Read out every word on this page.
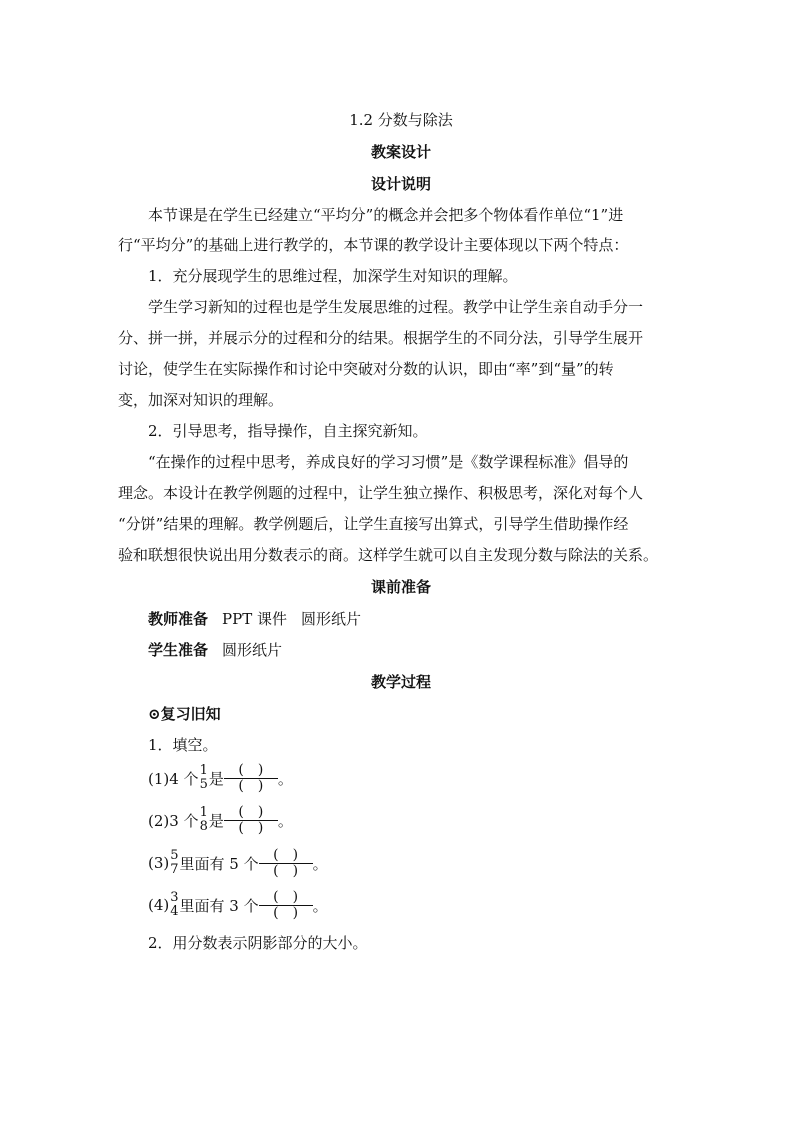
1.2 分数与除法
教案设计
设计说明
本节课是在学生已经建立“平均分”的概念并会把多个物体看作单位“1”进
行“平均分”的基础上进行教学的，本节课的教学设计主要体现以下两个特点：
1．充分展现学生的思维过程，加深学生对知识的理解。
学生学习新知的过程也是学生发展思维的过程。教学中让学生亲自动手分一
分、拼一拼，并展示分的过程和分的结果。根据学生的不同分法，引导学生展开
讨论，使学生在实际操作和讨论中突破对分数的认识，即由“率”到“量”的转
变，加深对知识的理解。
2．引导思考，指导操作，自主探究新知。
“在操作的过程中思考，养成良好的学习习惯”是《数学课程标准》倡导的
理念。本设计在教学例题的过程中，让学生独立操作、积极思考，深化对每个人
“分饼”结果的理解。教学例题后，让学生直接写出算式，引导学生借助操作经
验和联想很快说出用分数表示的商。这样学生就可以自主发现分数与除法的关系。
课前准备
教师准备 PPT 课件 圆形纸片
学生准备 圆形纸片
教学过程
⊙复习旧知
1．填空。
(1)4 个 1
5 是 $\frac{( )}{( )}$ 。
(2)3 个 1
8 是 $\frac{( )}{( )}$ 。
(3) 5
7 里面有 5 个 $\frac{( )}{( )}$ 。
(4) 3
4 里面有 3 个 $\frac{( )}{( )}$ 。
2．用分数表示阴影部分的大小。
